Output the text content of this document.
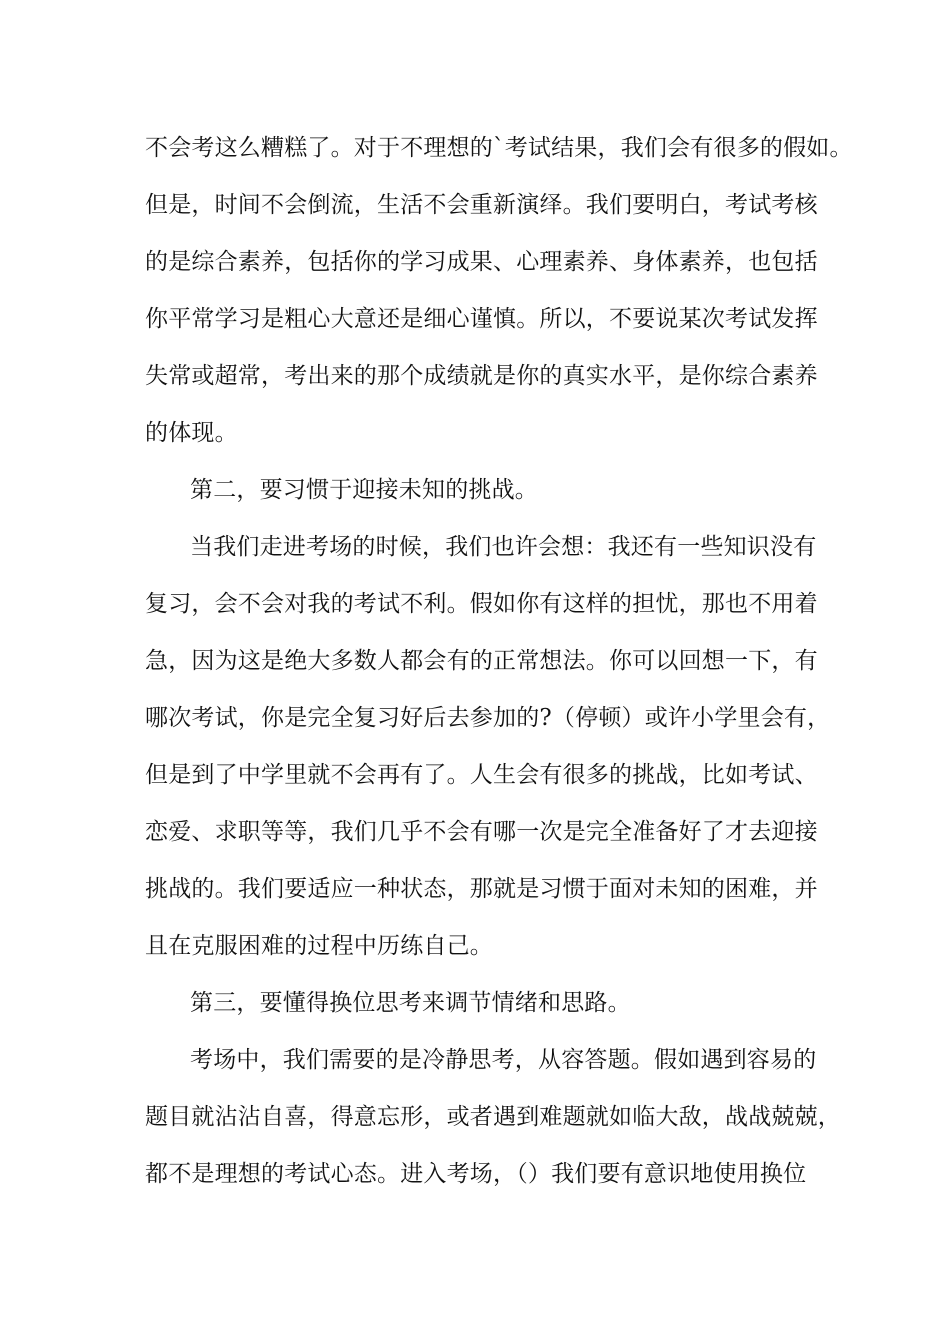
不会考这么糟糕了。对于不理想的`考试结果，我们会有很多的假如。
但是，时间不会倒流，生活不会重新演绎。我们要明白，考试考核
的是综合素养，包括你的学习成果、心理素养、身体素养，也包括
你平常学习是粗心大意还是细心谨慎。所以，不要说某次考试发挥
失常或超常，考出来的那个成绩就是你的真实水平，是你综合素养
的体现。
第二，要习惯于迎接未知的挑战。
当我们走进考场的时候，我们也许会想：我还有一些知识没有
复习，会不会对我的考试不利。假如你有这样的担忧，那也不用着
急，因为这是绝大多数人都会有的正常想法。你可以回想一下，有
哪次考试，你是完全复习好后去参加的?（停顿）或许小学里会有，
但是到了中学里就不会再有了。人生会有很多的挑战，比如考试、
恋爱、求职等等，我们几乎不会有哪一次是完全准备好了才去迎接
挑战的。我们要适应一种状态，那就是习惯于面对未知的困难，并
且在克服困难的过程中历练自己。
第三，要懂得换位思考来调节情绪和思路。
考场中，我们需要的是冷静思考，从容答题。假如遇到容易的
题目就沾沾自喜，得意忘形，或者遇到难题就如临大敌，战战兢兢，
都不是理想的考试心态。进入考场，（）我们要有意识地使用换位
